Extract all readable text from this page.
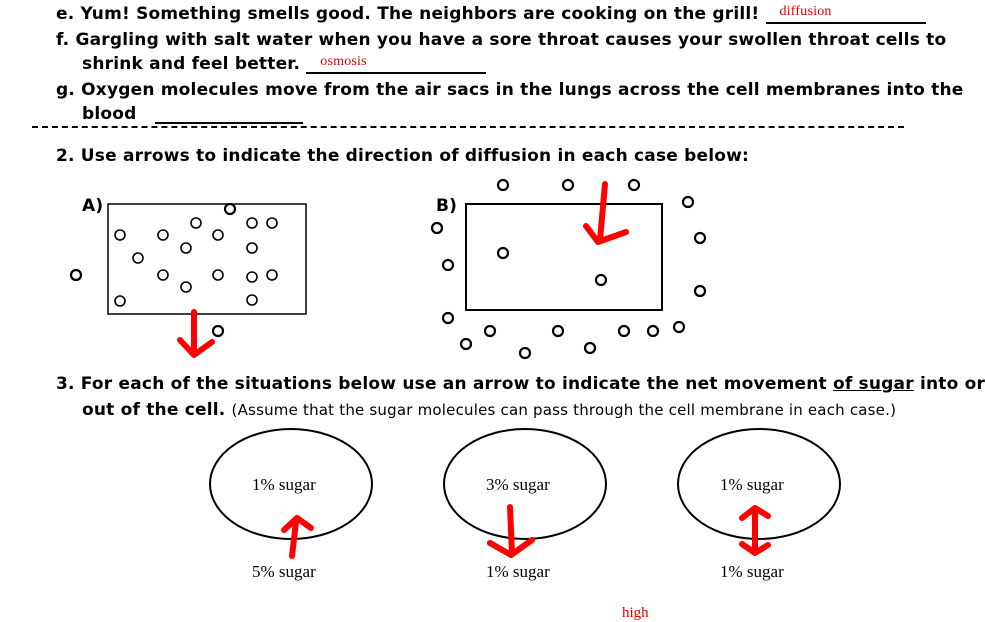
e. Yum! Something smells good. The neighbors are cooking on the grill! diffusion
f. Gargling with salt water when you have a sore throat causes your swollen throat cells to
shrink and feel better. osmosis
g. Oxygen molecules move from the air sacs in the lungs across the cell membranes into the
blood
2. Use arrows to indicate the direction of diffusion in each case below:
A)	B)
3. For each of the situations below use an arrow to indicate the net movement of sugar into or
out of the cell. (Assume that the sugar molecules can pass through the cell membrane in each case.)
1% sugar
5% sugar
3% sugar
1% sugar
1% sugar
1% sugar
high
